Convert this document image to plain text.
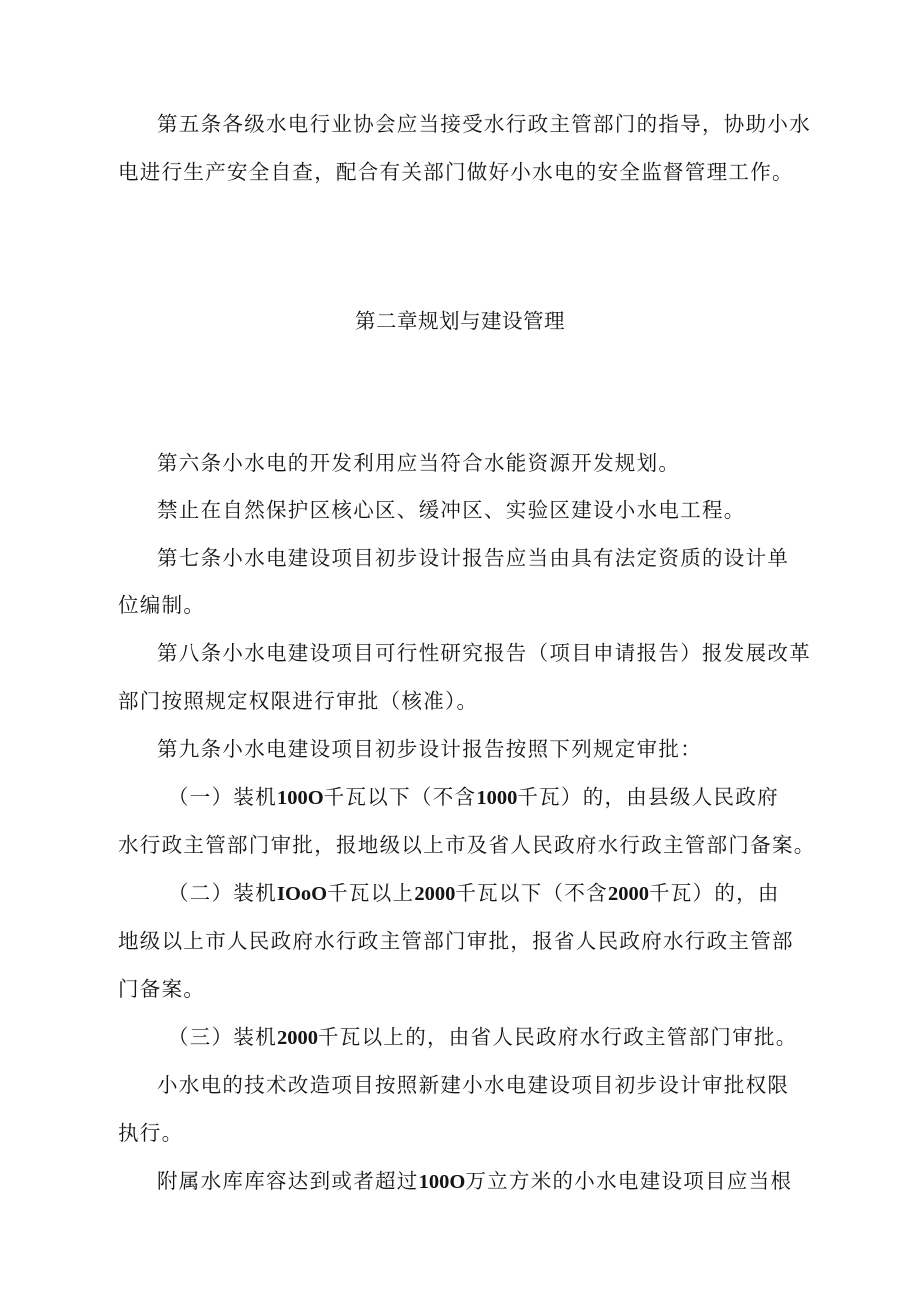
第五条各级水电行业协会应当接受水行政主管部门的指导，协助小水
电进行生产安全自查，配合有关部门做好小水电的安全监督管理工作。
第二章规划与建设管理
第六条小水电的开发利用应当符合水能资源开发规划。
禁止在自然保护区核心区、缓冲区、实验区建设小水电工程。
第七条小水电建设项目初步设计报告应当由具有法定资质的设计单
位编制。
第八条小水电建设项目可行性研究报告（项目申请报告）报发展改革
部门按照规定权限进行审批（核准）。
第九条小水电建设项目初步设计报告按照下列规定审批：
（一）装机100O千瓦以下（不含1000千瓦）的，由县级人民政府
水行政主管部门审批，报地级以上市及省人民政府水行政主管部门备案。
（二）装机IOoO千瓦以上2000千瓦以下（不含2000千瓦）的，由
地级以上市人民政府水行政主管部门审批，报省人民政府水行政主管部
门备案。
（三）装机2000千瓦以上的，由省人民政府水行政主管部门审批。
小水电的技术改造项目按照新建小水电建设项目初步设计审批权限
执行。
附属水库库容达到或者超过100O万立方米的小水电建设项目应当根
